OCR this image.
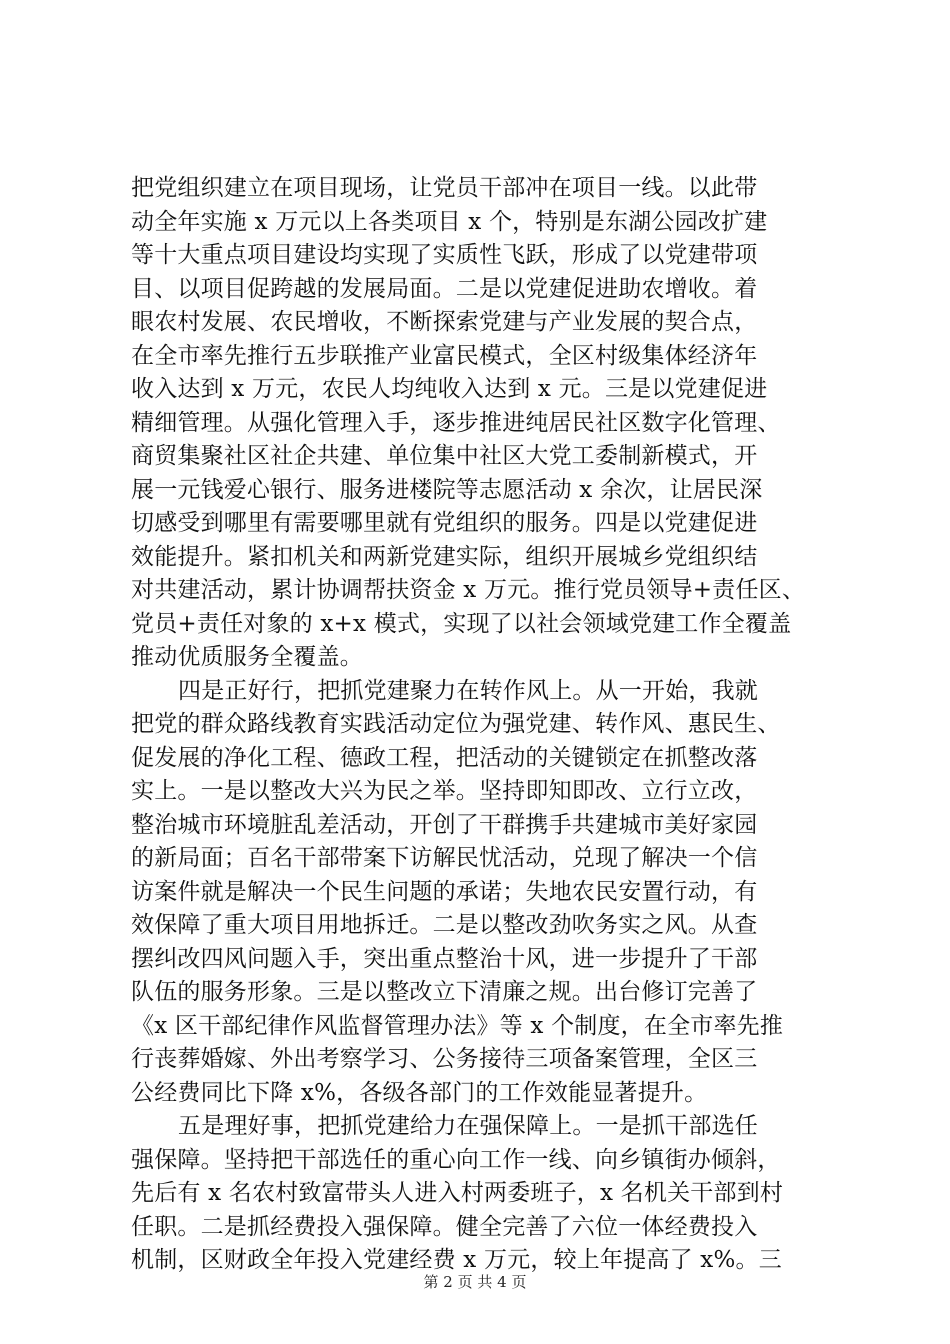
把党组织建立在项目现场，让党员干部冲在项目一线。以此带
动全年实施 x 万元以上各类项目 x 个，特别是东湖公园改扩建
等十大重点项目建设均实现了实质性飞跃，形成了以党建带项
目、以项目促跨越的发展局面。二是以党建促进助农增收。着
眼农村发展、农民增收，不断探索党建与产业发展的契合点，
在全市率先推行五步联推产业富民模式，全区村级集体经济年
收入达到 x 万元，农民人均纯收入达到 x 元。三是以党建促进
精细管理。从强化管理入手，逐步推进纯居民社区数字化管理、
商贸集聚社区社企共建、单位集中社区大党工委制新模式，开
展一元钱爱心银行、服务进楼院等志愿活动 x 余次，让居民深
切感受到哪里有需要哪里就有党组织的服务。四是以党建促进
效能提升。紧扣机关和两新党建实际，组织开展城乡党组织结
对共建活动，累计协调帮扶资金 x 万元。推行党员领导+责任区、
党员+责任对象的 x+x 模式，实现了以社会领域党建工作全覆盖
推动优质服务全覆盖。
四是正好行，把抓党建聚力在转作风上。从一开始，我就
把党的群众路线教育实践活动定位为强党建、转作风、惠民生、
促发展的净化工程、德政工程，把活动的关键锁定在抓整改落
实上。一是以整改大兴为民之举。坚持即知即改、立行立改，
整治城市环境脏乱差活动，开创了干群携手共建城市美好家园
的新局面；百名干部带案下访解民忧活动，兑现了解决一个信
访案件就是解决一个民生问题的承诺；失地农民安置行动，有
效保障了重大项目用地拆迁。二是以整改劲吹务实之风。从查
摆纠改四风问题入手，突出重点整治十风，进一步提升了干部
队伍的服务形象。三是以整改立下清廉之规。出台修订完善了
《x 区干部纪律作风监督管理办法》等 x 个制度，在全市率先推
行丧葬婚嫁、外出考察学习、公务接待三项备案管理，全区三
公经费同比下降 x%，各级各部门的工作效能显著提升。
五是理好事，把抓党建给力在强保障上。一是抓干部选任
强保障。坚持把干部选任的重心向工作一线、向乡镇街办倾斜，
先后有 x 名农村致富带头人进入村两委班子，x 名机关干部到村
任职。二是抓经费投入强保障。健全完善了六位一体经费投入
机制，区财政全年投入党建经费 x 万元，较上年提高了 x%。三
第 2 页 共 4 页
